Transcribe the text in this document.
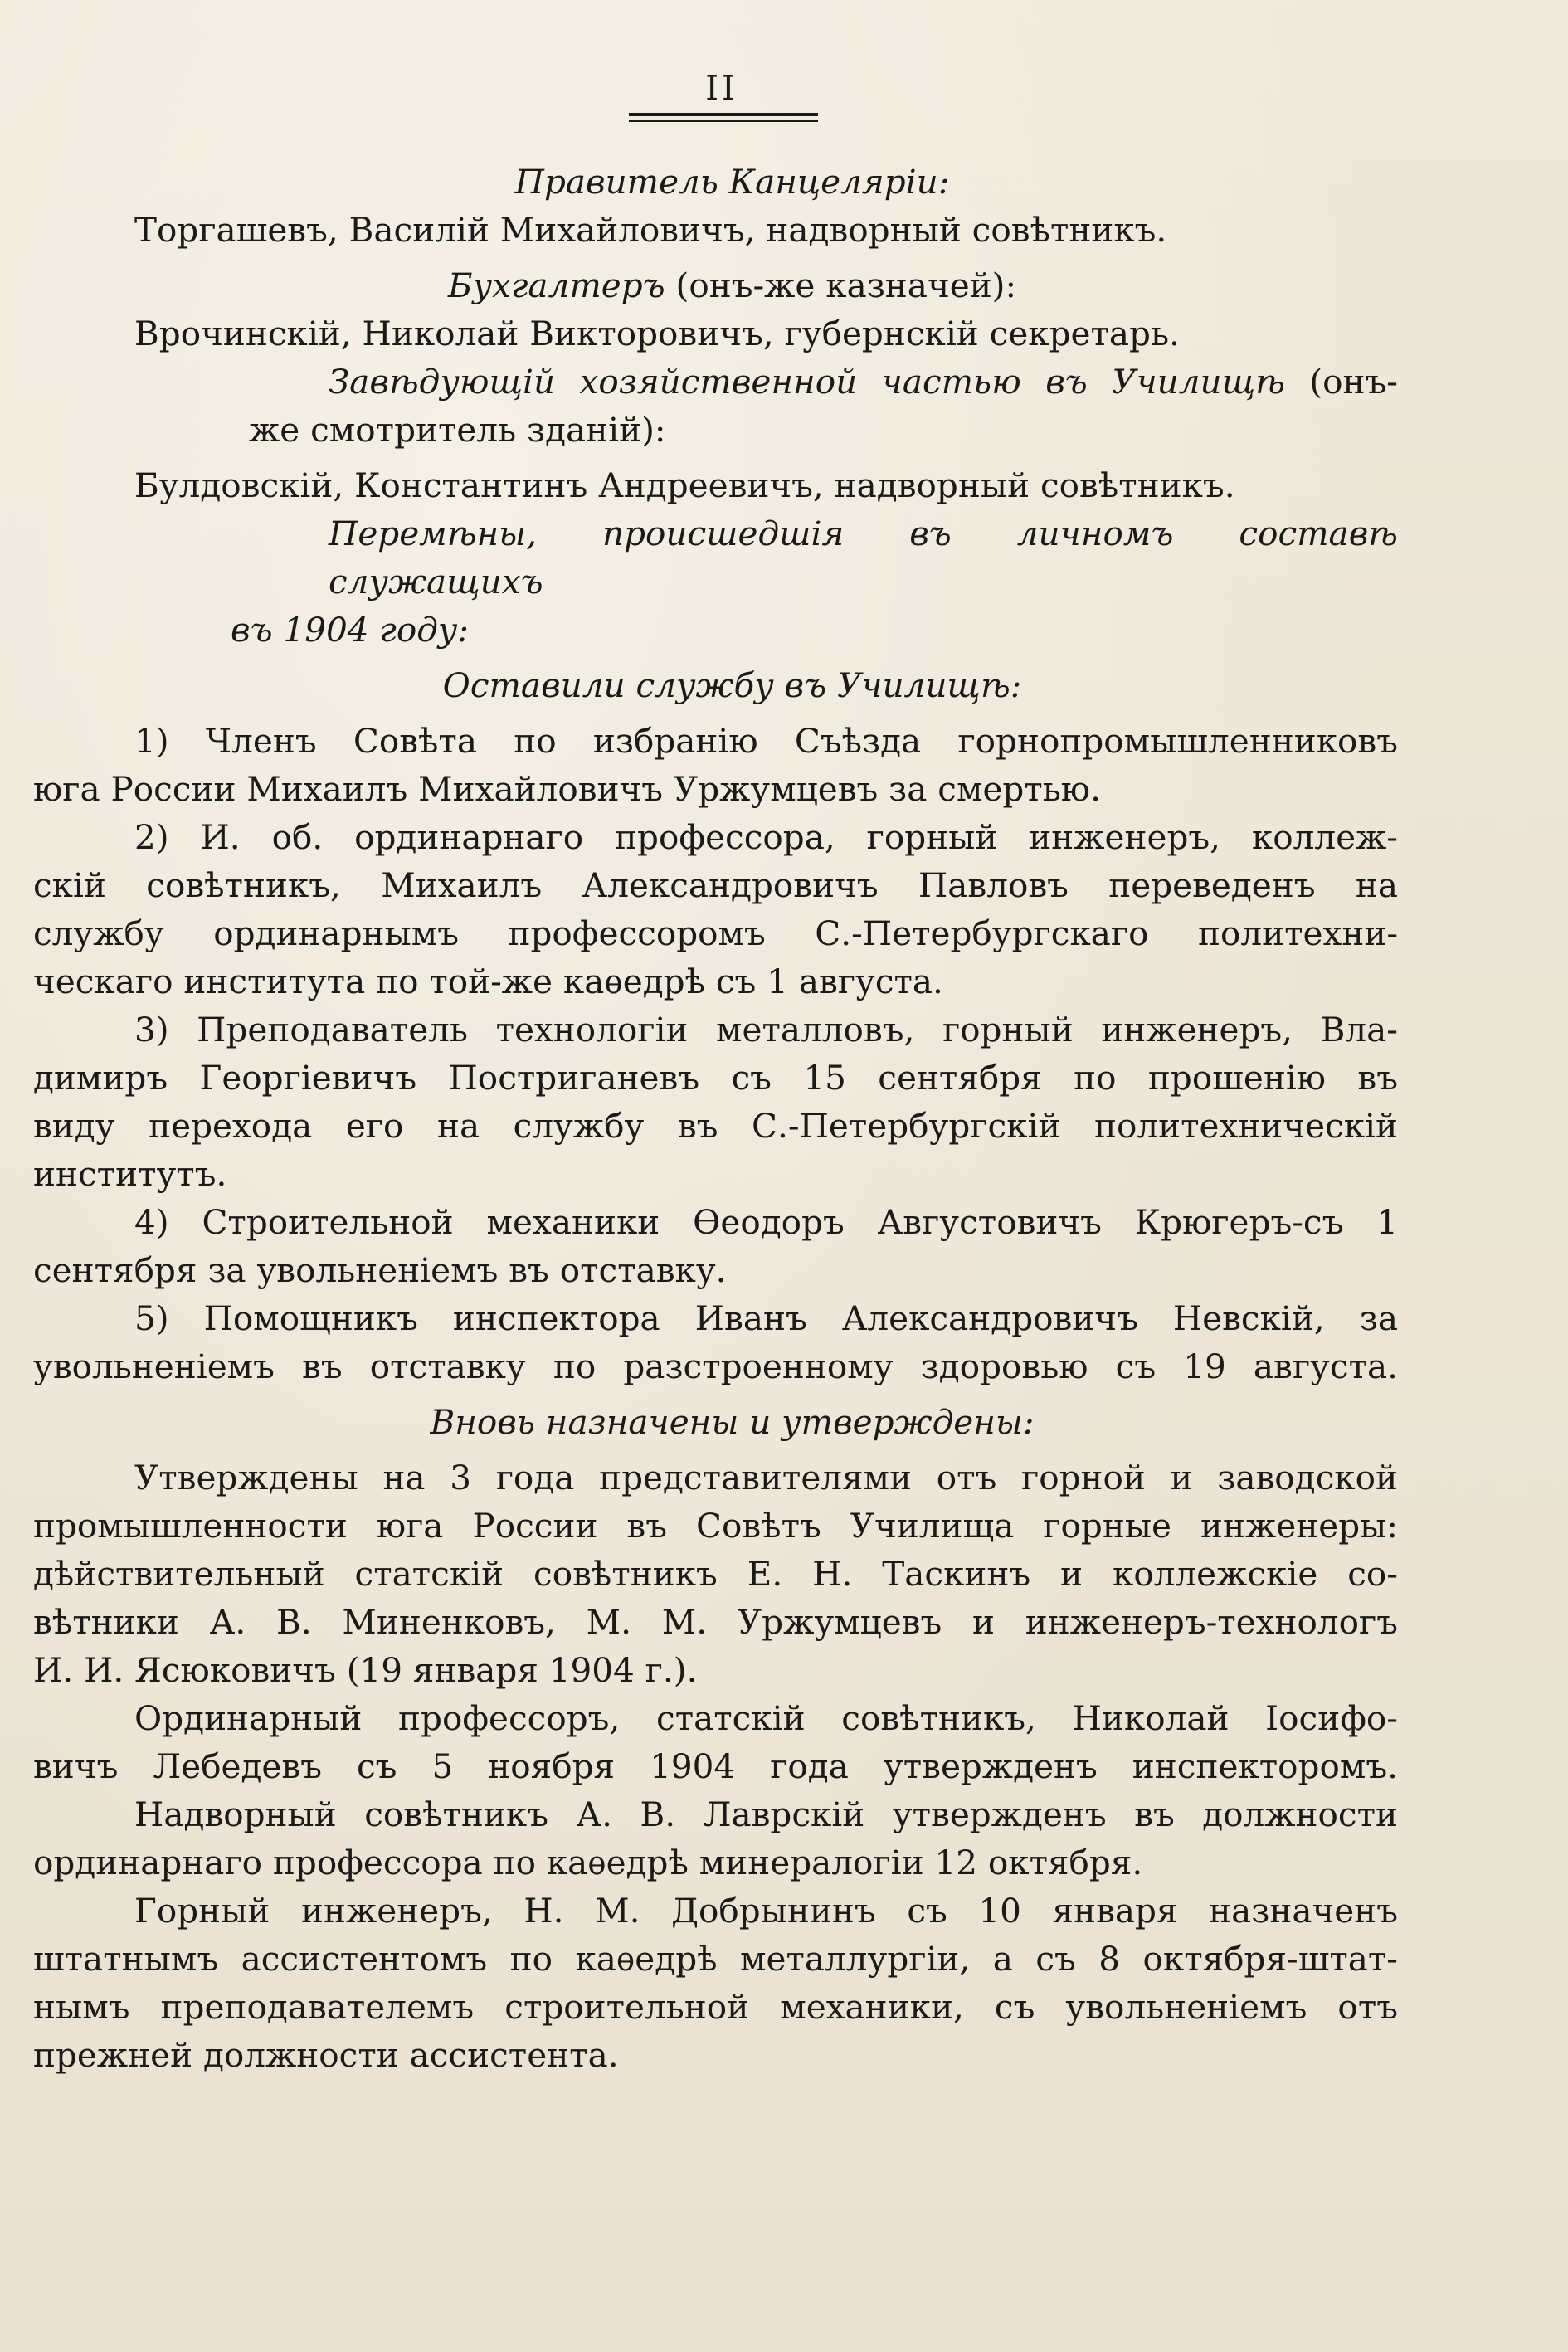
II

Правитель Канцеляріи:

Торгашевъ, Василій Михайловичъ, надворный совѣтникъ.

Бухгалтеръ (онъ-же казначей):

Врочинскій, Николай Викторовичъ, губернскій секретарь.

Завѣдующій хозяйственной частью въ Училищѣ (онъ-

же смотритель зданій):

Булдовскій, Константинъ Андреевичъ, надворный совѣтникъ.

Перемѣны, происшедшія въ личномъ составѣ служащихъ

въ 1904 году:

Оставили службу въ Училищѣ:

1) Членъ Совѣта по избранію Съѣзда горнопромышленниковъ

юга России Михаилъ Михайловичъ Уржумцевъ за смертью.

2) И. об. ординарнаго профессора, горный инженеръ, коллеж-

скій совѣтникъ, Михаилъ Александровичъ Павловъ переведенъ на

службу ординарнымъ профессоромъ С.-Петербургскаго политехни-

ческаго института по той-же каѳедрѣ съ 1 августа.

3) Преподаватель технологіи металловъ, горный инженеръ, Вла-

димиръ Георгіевичъ Постриганевъ съ 15 сентября по прошенію въ

виду перехода его на службу въ С.-Петербургскій политехническій

институтъ.

4) Строительной механики Ѳеодоръ Августовичъ Крюгеръ-съ 1

сентября за увольненіемъ въ отставку.

5) Помощникъ инспектора Иванъ Александровичъ Невскій, за

увольненіемъ въ отставку по разстроенному здоровью съ 19 августа.

Вновь назначены и утверждены:

Утверждены на 3 года представителями отъ горной и заводской

промышленности юга России въ Совѣтъ Училища горные инженеры:

дѣйствительный статскій совѣтникъ Е. Н. Таскинъ и коллежскіе со-

вѣтники А. В. Миненковъ, М. М. Уржумцевъ и инженеръ-технологъ

И. И. Ясюковичъ (19 января 1904 г.).

Ординарный профессоръ, статскій совѣтникъ, Николай Іосифо-

вичъ Лебедевъ съ 5 ноября 1904 года утвержденъ инспекторомъ.

Надворный совѣтникъ А. В. Лаврскій утвержденъ въ должности

ординарнаго профессора по каѳедрѣ минералогіи 12 октября.

Горный инженеръ, Н. М. Добрынинъ съ 10 января назначенъ

штатнымъ ассистентомъ по каѳедрѣ металлургіи, а съ 8 октября-штат-

нымъ преподавателемъ строительной механики, съ увольненіемъ отъ

прежней должности ассистента.
